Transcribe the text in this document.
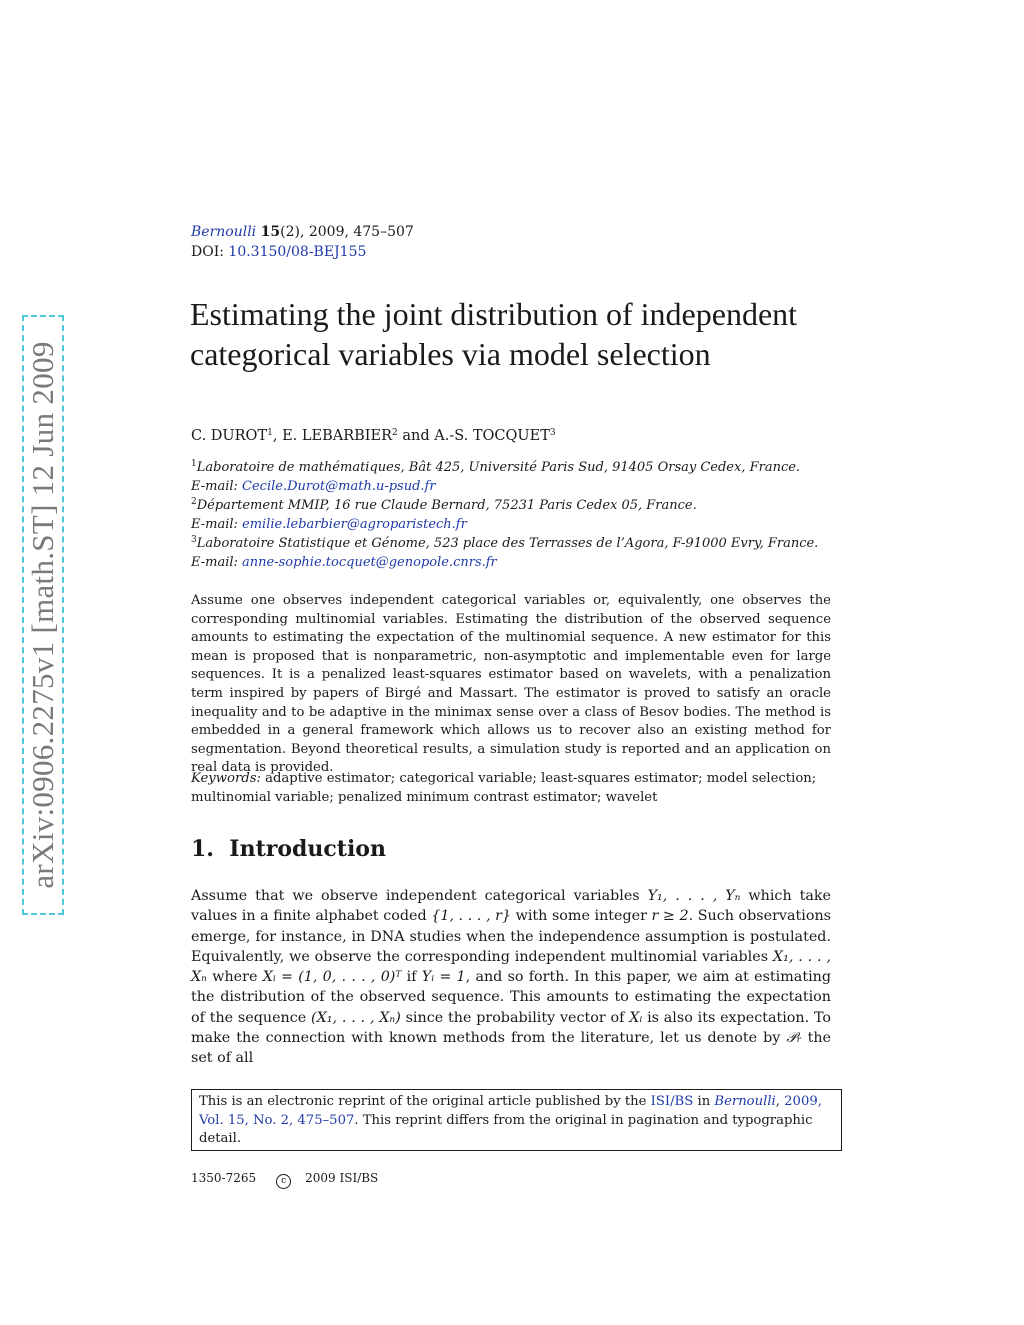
arXiv:0906.2275v1 [math.ST] 12 Jun 2009
Bernoulli 15(2), 2009, 475–507
DOI: 10.3150/08-BEJ155
Estimating the joint distribution of independent categorical variables via model selection
C. DUROT$^1$, E. LEBARBIER$^2$ and A.-S. TOCQUET$^3$
$^1$Laboratoire de mathématiques, Bât 425, Université Paris Sud, 91405 Orsay Cedex, France.
E-mail: Cecile.Durot@math.u-psud.fr
$^2$Département MMIP, 16 rue Claude Bernard, 75231 Paris Cedex 05, France.
E-mail: emilie.lebarbier@agroparistech.fr
$^3$Laboratoire Statistique et Génome, 523 place des Terrasses de l’Agora, F-91000 Evry, France.
E-mail: anne-sophie.tocquet@genopole.cnrs.fr

Assume one observes independent categorical variables or, equivalently, one observes the corresponding multinomial variables. Estimating the distribution of the observed sequence amounts to estimating the expectation of the multinomial sequence. A new estimator for this mean is proposed that is nonparametric, non-asymptotic and implementable even for large sequences. It is a penalized least-squares estimator based on wavelets, with a penalization term inspired by papers of Birgé and Massart. The estimator is proved to satisfy an oracle inequality and to be adaptive in the minimax sense over a class of Besov bodies. The method is embedded in a general framework which allows us to recover also an existing method for segmentation. Beyond theoretical results, a simulation study is reported and an application on real data is provided.

Keywords: adaptive estimator; categorical variable; least-squares estimator; model selection; multinomial variable; penalized minimum contrast estimator; wavelet

1. Introduction

Assume that we observe independent categorical variables Y₁, . . . , Yₙ which take values in a finite alphabet coded {1, . . . , r} with some integer r ≥ 2. Such observations emerge, for instance, in DNA studies when the independence assumption is postulated. Equivalently, we observe the corresponding independent multinomial variables X₁, . . . , Xₙ where Xᵢ = (1, 0, . . . , 0)ᵀ if Yᵢ = 1, and so forth. In this paper, we aim at estimating the distribution of the observed sequence. This amounts to estimating the expectation of the sequence (X₁, . . . , Xₙ) since the probability vector of Xᵢ is also its expectation. To make the connection with known methods from the literature, let us denote by 𝒫ᵣ the set of all

This is an electronic reprint of the original article published by the ISI/BS in Bernoulli, 2009, Vol. 15, No. 2, 475–507. This reprint differs from the original in pagination and typographic detail.
1350-7265	c 2009 ISI/BS
